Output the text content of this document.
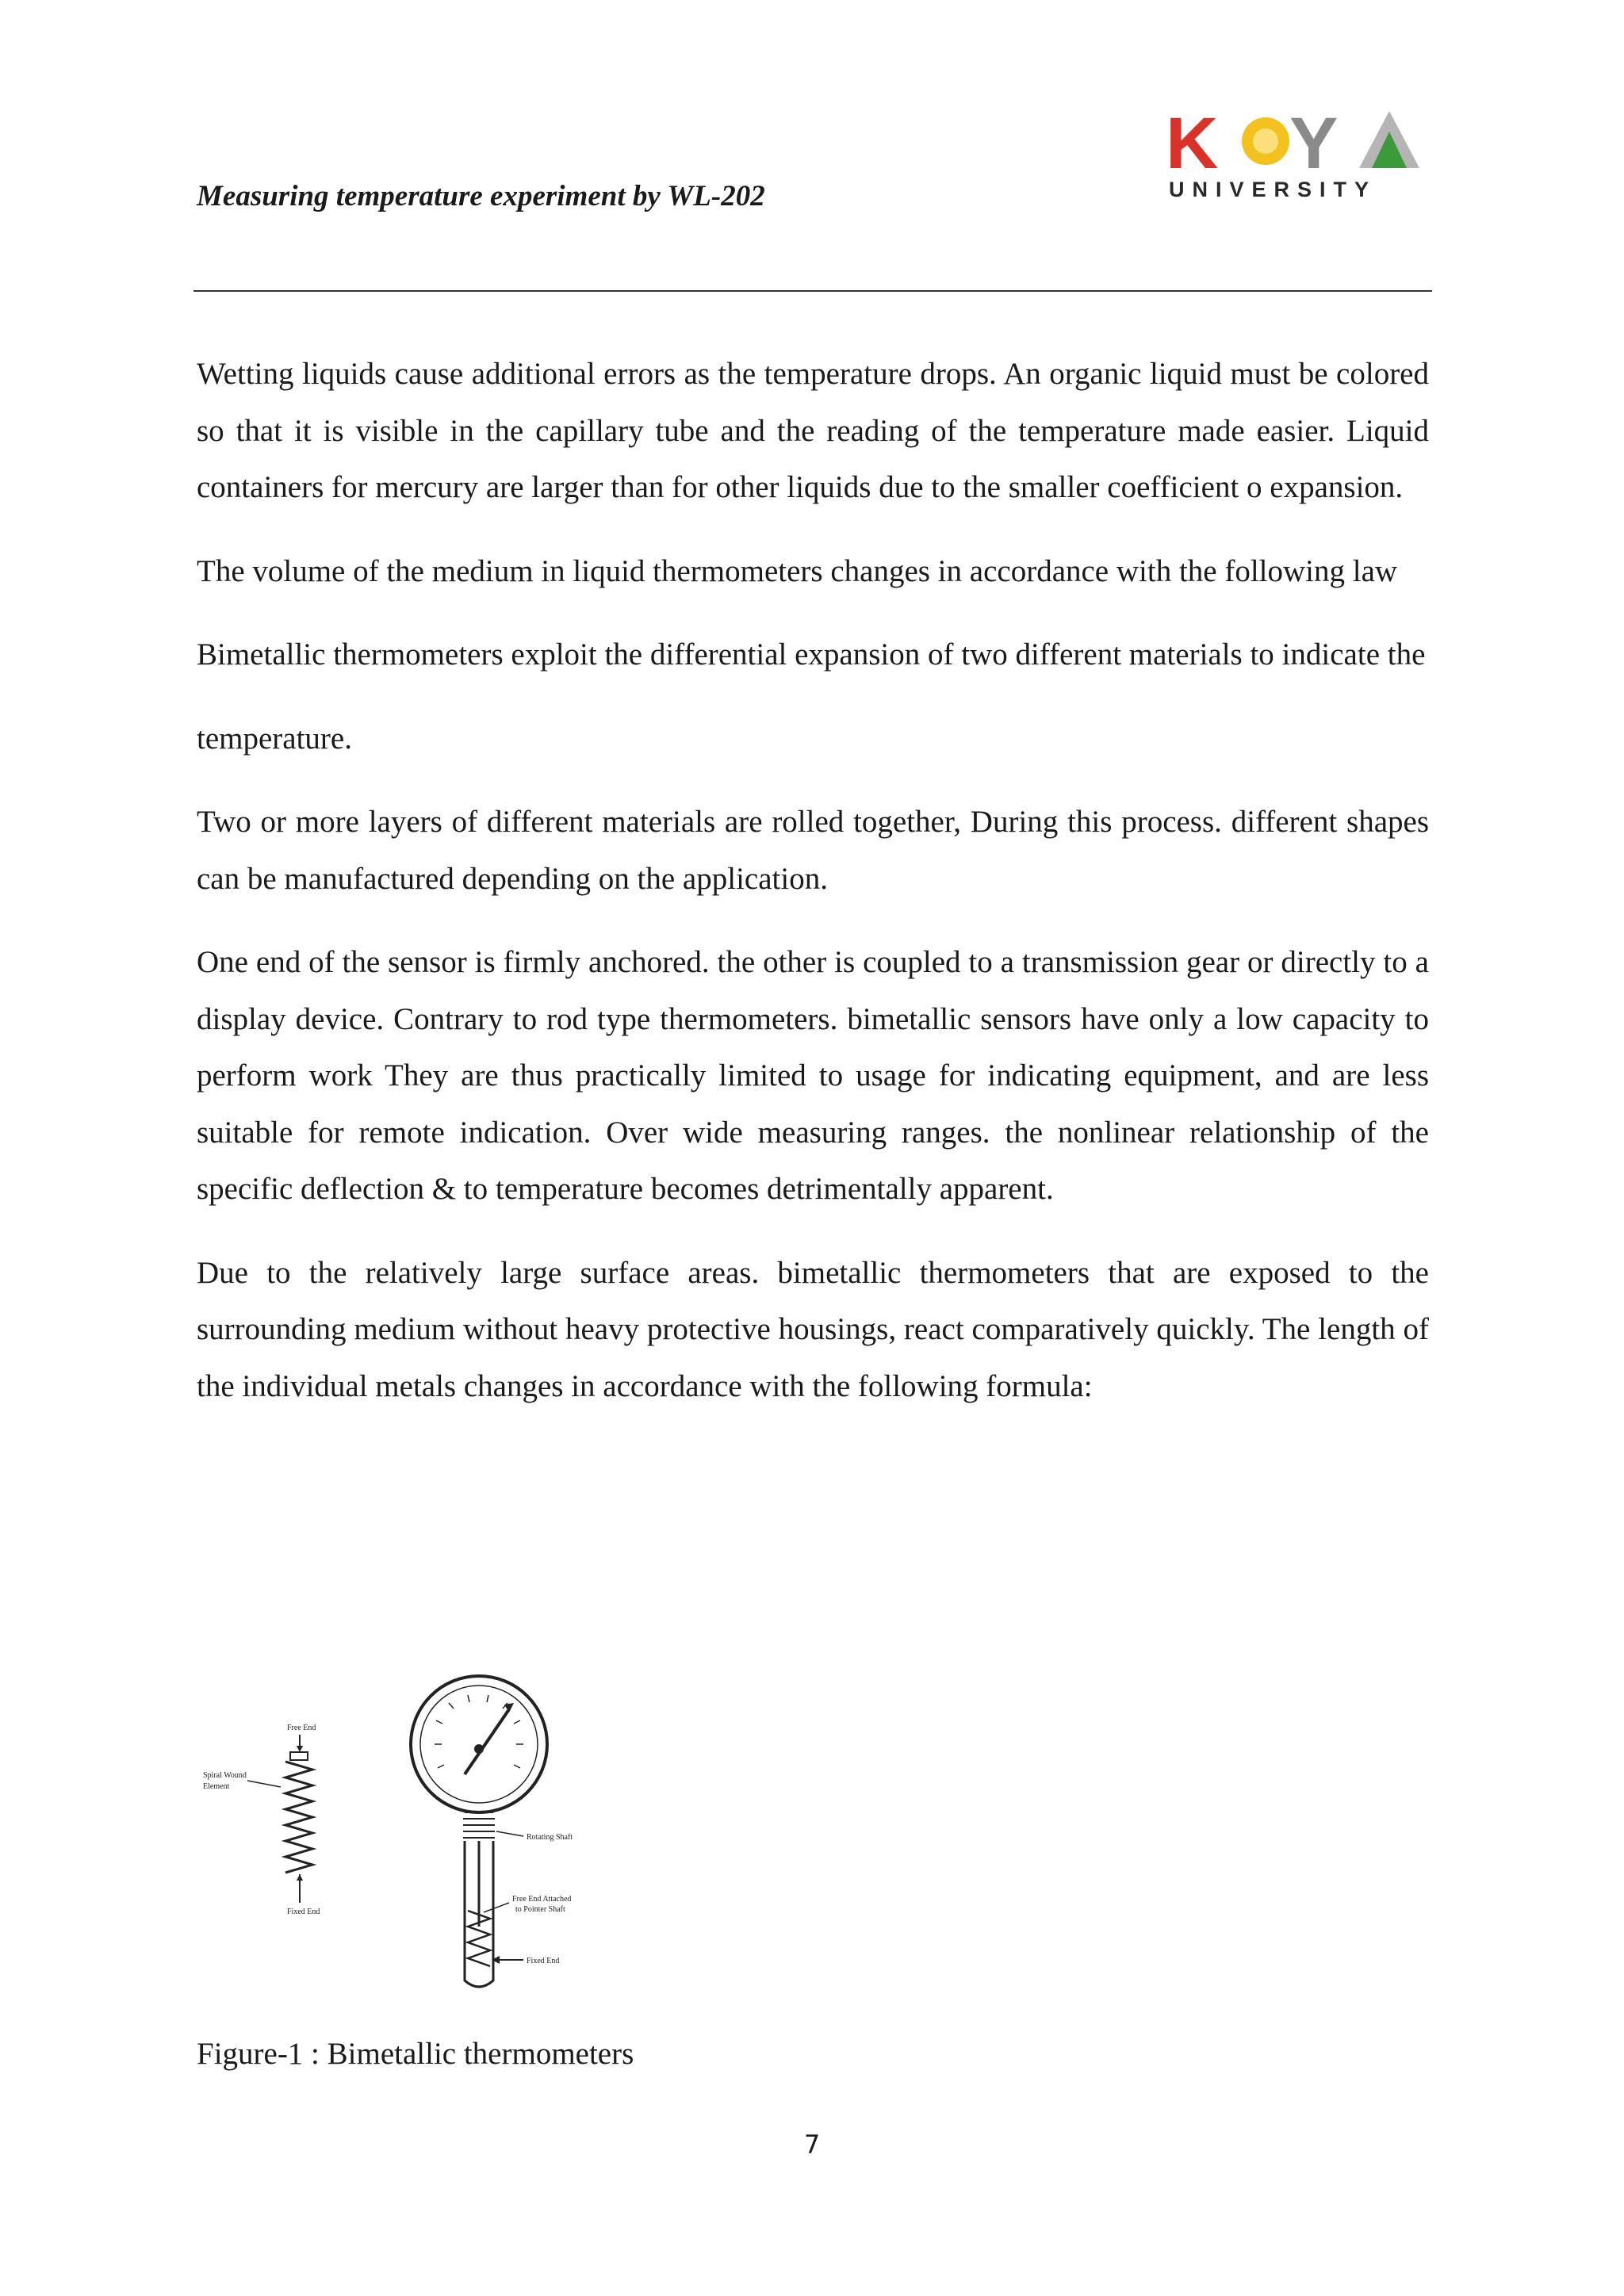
Measuring temperature experiment by WL-202
K Y
UNIVERSITY

Wetting liquids cause additional errors as the temperature drops. An organic liquid must be colored so that it is visible in the capillary tube and the reading of the temperature made easier. Liquid containers for mercury are larger than for other liquids due to the smaller coefficient o expansion.

The volume of the medium in liquid thermometers changes in accordance with the following law

Bimetallic thermometers exploit the differential expansion of two different materials to indicate the

temperature.

Two or more layers of different materials are rolled together, During this process. different shapes can be manufactured depending on the application.

One end of the sensor is firmly anchored. the other is coupled to a transmission gear or directly to a display device. Contrary to rod type thermometers. bimetallic sensors have only a low capacity to perform work They are thus practically limited to usage for indicating equipment, and are less suitable for remote indication. Over wide measuring ranges. the nonlinear relationship of the specific deflection & to temperature becomes detrimentally apparent.

Due to the relatively large surface areas. bimetallic thermometers that are exposed to the surrounding medium without heavy protective housings, react comparatively quickly. The length of the individual metals changes in accordance with the following formula:

Free End
Spiral Wound
Element
Fixed End
Rotating Shaft
Free End Attached
to Pointer Shaft
Fixed End
Figure-1 : Bimetallic thermometers
7
